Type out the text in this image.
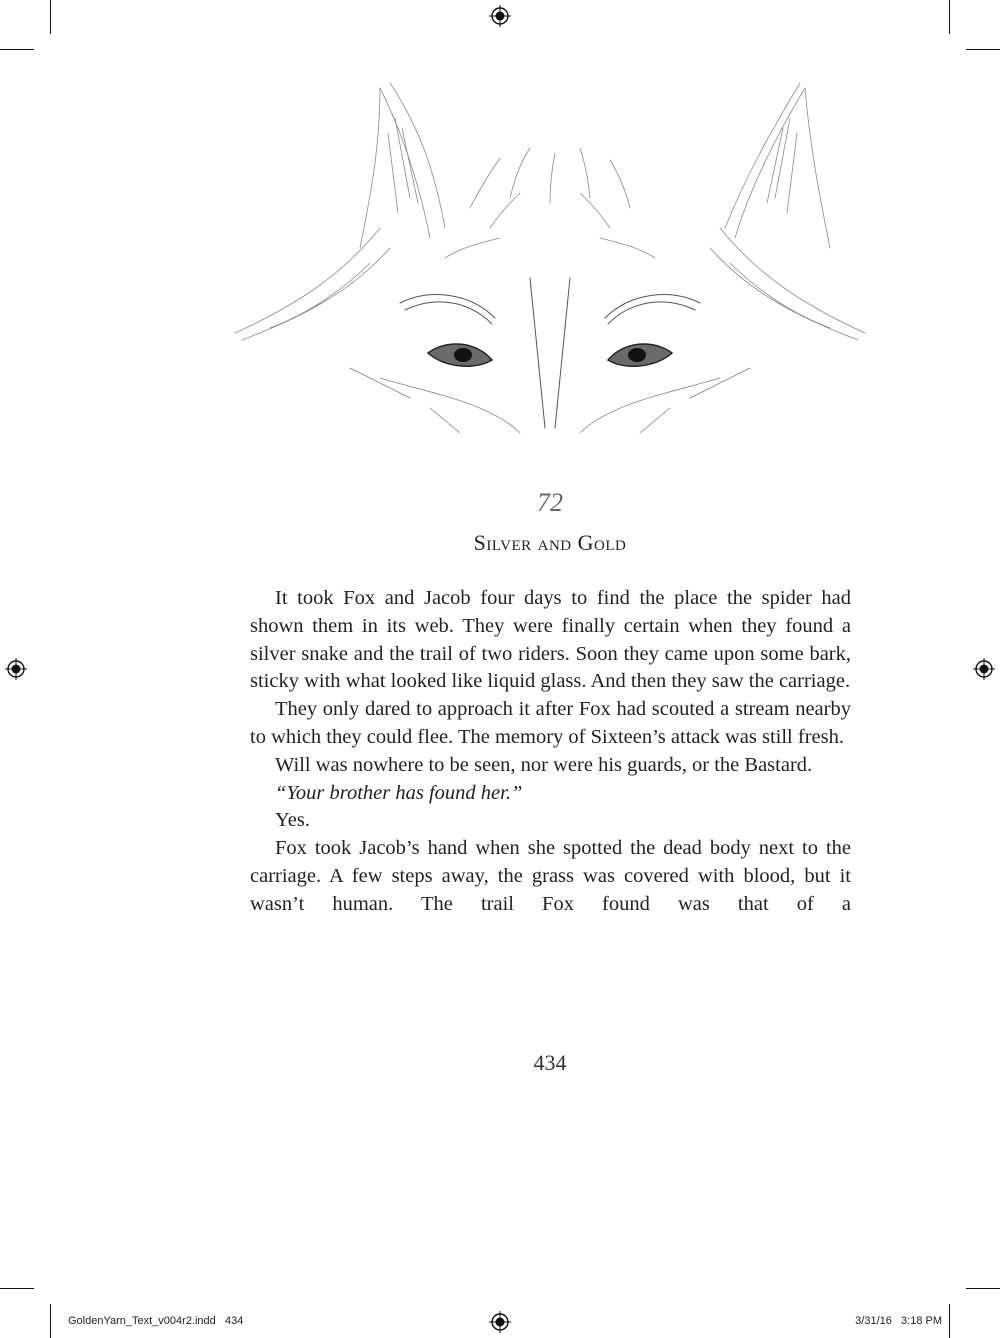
72
Silver and Gold

It took Fox and Jacob four days to find the place the spider had shown them in its web. They were finally certain when they found a silver snake and the trail of two riders. Soon they came upon some bark, sticky with what looked like liquid glass. And then they saw the carriage.

They only dared to approach it after Fox had scouted a stream nearby to which they could flee. The memory of Sixteen’s attack was still fresh.

Will was nowhere to be seen, nor were his guards, or the Bastard.

“Your brother has found her.”

Yes.

Fox took Jacob’s hand when she spotted the dead body next to the carriage. A few steps away, the grass was covered with blood, but it wasn’t human. The trail Fox found was that of a

434
GoldenYarn_Text_v004r2.indd   434	3/31/16   3:18 PM
